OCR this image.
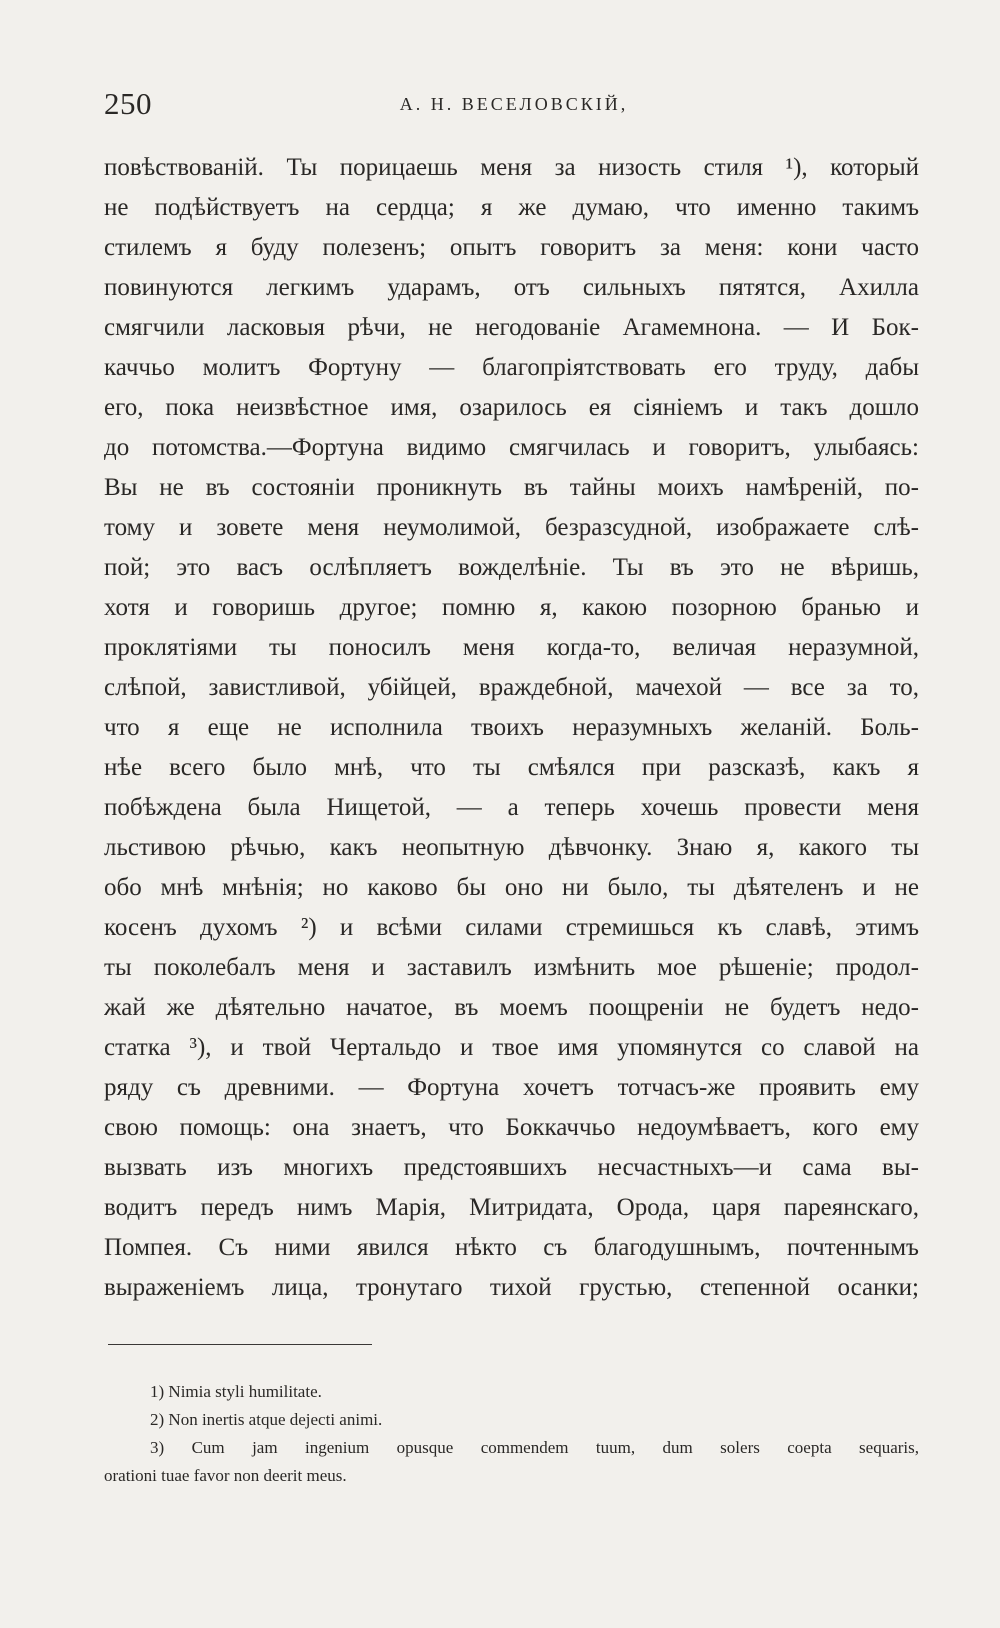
250	А. Н. ВЕСЕЛОВСКІЙ,
повѣствованій. Ты порицаешь меня за низость стиля ¹), который
не подѣйствуетъ на сердца; я же думаю, что именно такимъ
стилемъ я буду полезенъ; опытъ говоритъ за меня: кони часто
повинуются легкимъ ударамъ, отъ сильныхъ пятятся, Ахилла
смягчили ласковыя рѣчи, не негодованіе Агамемнона. — И Бок-
каччьо молитъ Фортуну — благопріятствовать его труду, дабы
его, пока неизвѣстное имя, озарилось ея сіяніемъ и такъ дошло
до потомства.—Фортуна видимо смягчилась и говоритъ, улыбаясь:
Вы не въ состояніи проникнуть въ тайны моихъ намѣреній, по-
тому и зовете меня неумолимой, безразсудной, изображаете слѣ-
пой; это васъ ослѣпляетъ вожделѣніе. Ты въ это не вѣришь,
хотя и говоришь другое; помню я, какою позорною бранью и
проклятіями ты поносилъ меня когда-то, величая неразумной,
слѣпой, завистливой, убійцей, враждебной, мачехой — все за то,
что я еще не исполнила твоихъ неразумныхъ желаній. Боль-
нѣе всего было мнѣ, что ты смѣялся при разсказѣ, какъ я
побѣждена была Нищетой, — а теперь хочешь провести меня
льстивою рѣчью, какъ неопытную дѣвчонку. Знаю я, какого ты
обо мнѣ мнѣнія; но каково бы оно ни было, ты дѣятеленъ и не
косенъ духомъ ²) и всѣми силами стремишься къ славѣ, этимъ
ты поколебалъ меня и заставилъ измѣнить мое рѣшеніе; продол-
жай же дѣятельно начатое, въ моемъ поощреніи не будетъ недо-
статка ³), и твой Чертальдо и твое имя упомянутся со славой на
ряду съ древними. — Фортуна хочетъ тотчасъ-же проявить ему
свою помощь: она знаетъ, что Боккаччьо недоумѣваетъ, кого ему
вызвать изъ многихъ предстоявшихъ несчастныхъ—и сама вы-
водитъ передъ нимъ Марія, Митридата, Орода, царя пареянскаго,
Помпея. Съ ними явился нѣкто съ благодушнымъ, почтеннымъ
выраженіемъ лица, тронутаго тихой грустью, степенной осанки;
1) Nimia styli humilitate.
2) Non inertis atque dejecti animi.
3) Cum jam ingenium opusque commendem tuum, dum solers coepta sequaris,
orationi tuae favor non deerit meus.
